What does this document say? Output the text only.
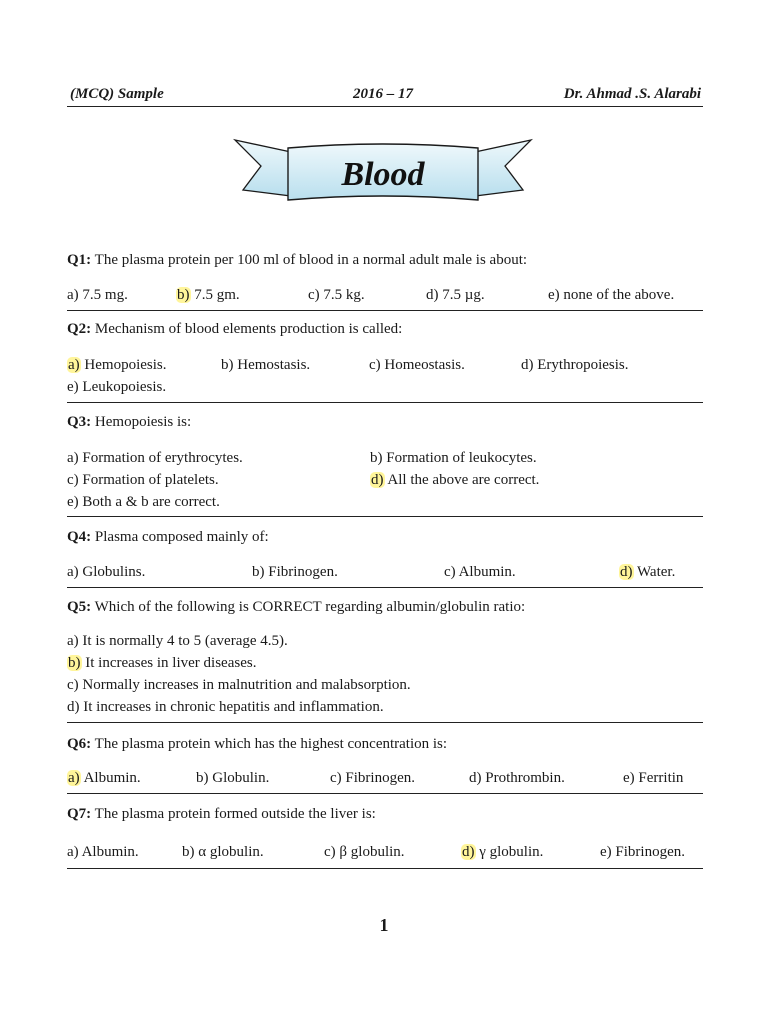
(MCQ) Sample	2016 – 17	Dr. Ahmad .S. Alarabi
Blood
Q1: The plasma protein per 100 ml of blood in a normal adult male is about:
a) 7.5 mg.	b) 7.5 gm.	c) 7.5 kg.	d) 7.5 µg.	e) none of the above.
Q2: Mechanism of blood elements production is called:
a) Hemopoiesis.	b) Hemostasis.	c) Homeostasis.	d) Erythropoiesis.
e) Leukopoiesis.
Q3: Hemopoiesis is:
a) Formation of erythrocytes.	b) Formation of leukocytes.
c) Formation of platelets.	d) All the above are correct.
e) Both a & b are correct.
Q4: Plasma composed mainly of:
a) Globulins.	b) Fibrinogen.	c) Albumin.	d) Water.
Q5: Which of the following is CORRECT regarding albumin/globulin ratio:
a) It is normally 4 to 5 (average 4.5).
b) It increases in liver diseases.
c) Normally increases in malnutrition and malabsorption.
d) It increases in chronic hepatitis and inflammation.
Q6: The plasma protein which has the highest concentration is:
a) Albumin.	b) Globulin.	c) Fibrinogen.	d) Prothrombin.	e) Ferritin
Q7: The plasma protein formed outside the liver is:
a) Albumin.	b) α globulin.	c) β globulin.	d) γ globulin.	e) Fibrinogen.
1
